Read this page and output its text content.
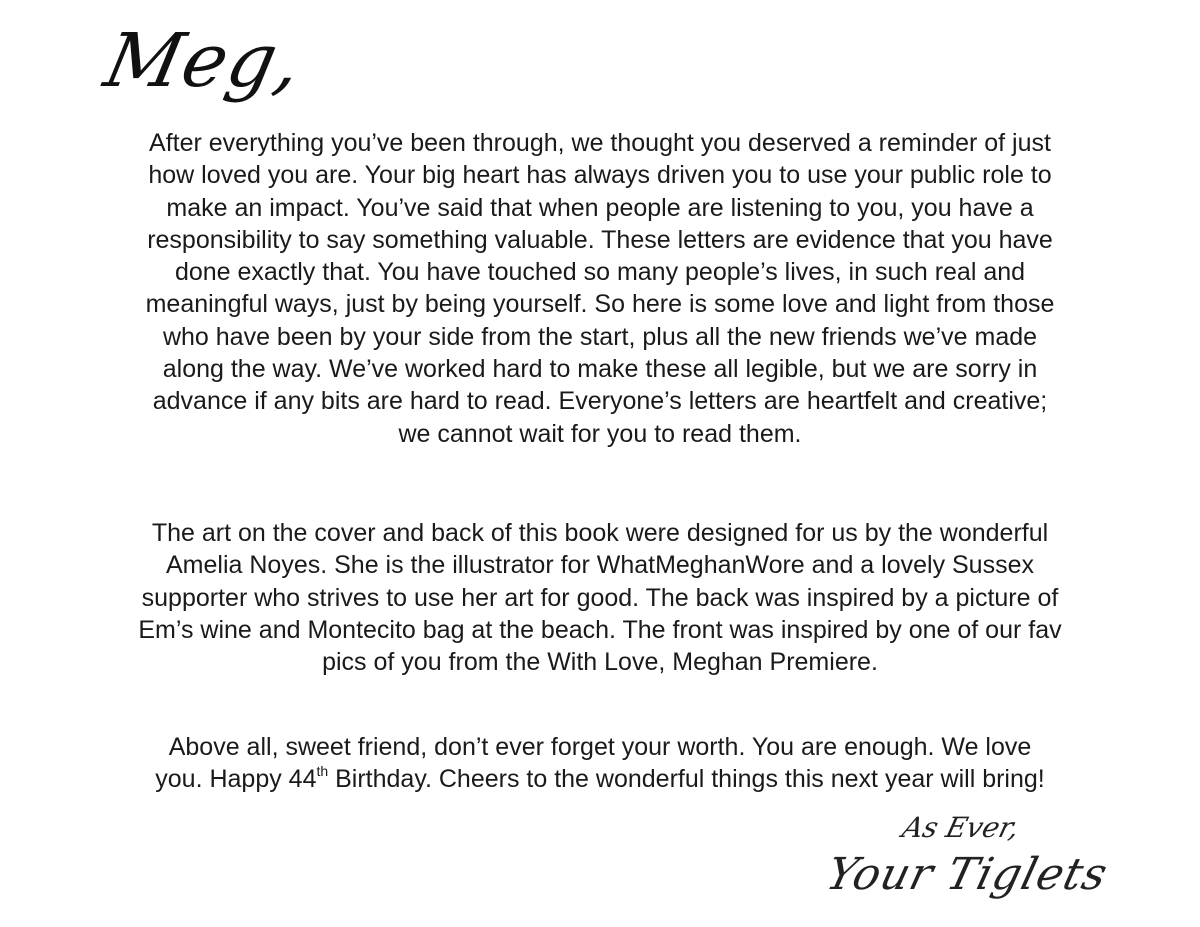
Meg,
After everything you’ve been through, we thought you deserved a reminder of just
how loved you are. Your big heart has always driven you to use your public role to
make an impact. You’ve said that when people are listening to you, you have a
responsibility to say something valuable. These letters are evidence that you have
done exactly that. You have touched so many people’s lives, in such real and
meaningful ways, just by being yourself. So here is some love and light from those
who have been by your side from the start, plus all the new friends we’ve made
along the way. We’ve worked hard to make these all legible, but we are sorry in
advance if any bits are hard to read. Everyone’s letters are heartfelt and creative;
we cannot wait for you to read them.
The art on the cover and back of this book were designed for us by the wonderful
Amelia Noyes. She is the illustrator for WhatMeghanWore and a lovely Sussex
supporter who strives to use her art for good. The back was inspired by a picture of
Em’s wine and Montecito bag at the beach. The front was inspired by one of our fav
pics of you from the With Love, Meghan Premiere.
Above all, sweet friend, don’t ever forget your worth. You are enough. We love
you. Happy 44th Birthday. Cheers to the wonderful things this next year will bring!
As Ever,
Your Tiglets
